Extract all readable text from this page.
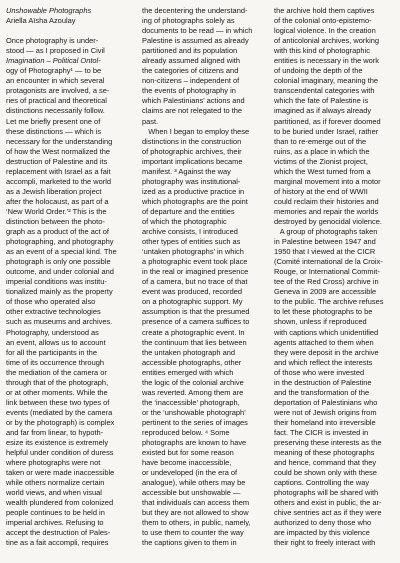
Unshowable Photographs
Ariella Aïsha Azoulay
Once photography is under-
stood — as I proposed in Civil
Imagination – Political Ontol-
ogy of Photography¹ — to be
an encounter in which several
protagonists are involved, a se-
ries of practical and theoretical
distinctions necessarily follow.
Let me briefly present one of
these distinctions — which is
necessary for the understanding
of how the West normalized the
destruction of Palestine and its
replacement with Israel as a fait
accompli, marketed to the world
as a Jewish liberation project
after the holocaust, as part of a
‘New World Order.’² This is the
distinction between the photo-
graph as a product of the act of
photographing, and photography
as an event of a special kind. The
photograph is only one possible
outcome, and under colonial and
imperial conditions was institu-
tionalized mainly as the property
of those who operated also
other extractive technologies
such as museums and archives.
Photography, understood as
an event, allows us to account
for all the participants in the
time of its occurrence through
the mediation of the camera or
through that of the photograph,
or at other moments. While the
link between these two types of
events (mediated by the camera
or by the photograph) is complex
and far from linear, to hypoth-
esize its existence is extremely
helpful under condition of duress
where photographs were not
taken or were made inaccessible
while others normalize certain
world views, and when visual
wealth plundered from colonized
people continues to be held in
imperial archives. Refusing to
accept the destruction of Pales-
tine as a fait accompli, requires
the decentering the understand-
ing of photographs solely as
documents to be read — in which
Palestine is assumed as already
partitioned and its population
already assumed aligned with
the categories of citizens and
non-citizens – independent of
the events of photography in
which Palestinians’ actions and
claims are not relegated to the
past.
When I began to employ these
distinctions in the construction
of photographic archives, their
important implications became
manifest. ³ Against the way
photography was institutional-
ized as a productive practice in
which photographs are the point
of departure and the entities
of which the photographic
archive consists, I introduced
other types of entities such as
‘untaken photographs’ in which
a photographic event took place
in the real or imagined presence
of a camera, but no trace of that
event was produced, recorded
on a photographic support. My
assumption is that the presumed
presence of a camera suffices to
create a photographic event. In
the continuum that lies between
the untaken photograph and
accessible photographs, other
entities emerged with which
the logic of the colonial archive
was reverted. Among them are
the ‘inaccessible’ photograph,
or the ‘unshowable photograph’
pertinent to the series of images
reproduced below. ⁴ Some
photographs are known to have
existed but for some reason
have become inaccessible,
or undeveloped (in the era of
analogue), while others may be
accessible but unshowable —
that individuals can access them
but they are not allowed to show
them to others, in public, namely,
to use them to counter the way
the captions given to them in
the archive hold them captives
of the colonial onto-epistemo-
logical violence. In the creation
of anticolonial archives, working
with this kind of photographic
entities is necessary in the work
of undoing the depth of the
colonial imaginary, meaning the
transcendental categories with
which the fate of Palestine is
imagined as if always already
partitioned, as if forever doomed
to be buried under Israel, rather
than to re-emerge out of the
ruins, as a place in which the
victims of the Zionist project,
which the West turned from a
marginal movement into a motor
of history at the end of WWII
could reclaim their histories and
memories and repair the worlds
destroyed by genocidal violence.
A group of photographs taken
in Palestine between 1947 and
1950 that I viewed at the CICR
(Comité international de la Croix-
Rouge, or International Commit-
tee of the Red Cross) archive in
Geneva in 2009 are accessible
to the public. The archive refuses
to let these photographs to be
shown, unless if reproduced
with captions which unidentified
agents attached to them when
they were deposit in the archive
and which reflect the interests
of those who were invested
in the destruction of Palestine
and the transformation of the
deportation of Palestinians who
were not of Jewish origins from
their homeland into irreversible
fact. The CICR is invested in
preserving these interests as the
meaning of these photographs
and hence, command that they
could be shown only with these
captions. Controlling the way
photographs will be shared with
others and exist in public, the ar-
chive sentries act as if they were
authorized to deny those who
are impacted by this violence
their right to freely interact with
